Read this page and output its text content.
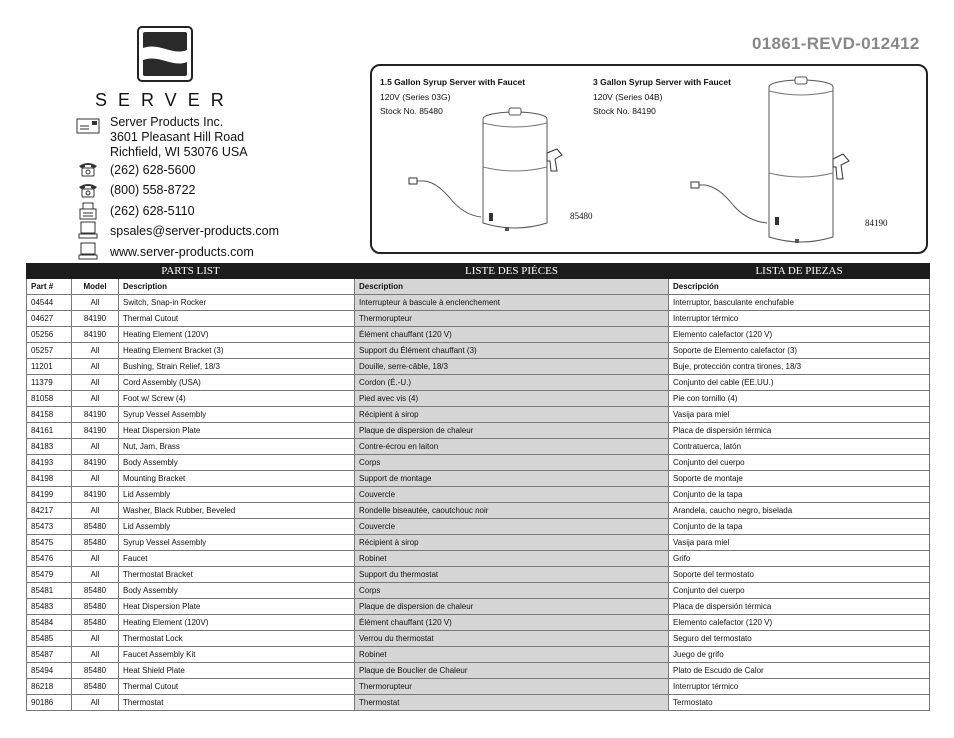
01861-REVD-012412
SERVER
Server Products Inc.
3601 Pleasant Hill Road
Richfield, WI 53076 USA
(262) 628-5600
(800) 558-8722
(262) 628-5110
spsales@server-products.com
www.server-products.com
1.5 Gallon Syrup Server with Faucet
120V (Series 03G)
Stock No. 85480
3 Gallon Syrup Server with Faucet
120V (Series 04B)
Stock No. 84190
85480
84190
PARTS LIST			LISTE DES PIÉCES	LISTA DE PIEZAS
Part #	Model	Description	Description	Descripción
04544	All	Switch, Snap-in Rocker	Interrupteur à bascule à enclenchement	Interruptor, basculante enchufable
04627	84190	Thermal Cutout	Thermorupteur	Interruptor térmico
05256	84190	Heating Element (120V)	Élément chauffant (120 V)	Elemento calefactor (120 V)
05257	All	Heating Element Bracket (3)	Support du Élément chauffant (3)	Soporte de Elemento calefactor (3)
11201	All	Bushing, Strain Relief, 18/3	Douille, serre-câble, 18/3	Buje, protección contra tirones, 18/3
11379	All	Cord Assembly (USA)	Cordon (É.-U.)	Conjunto del cable (EE.UU.)
81058	All	Foot w/ Screw (4)	Pied avec vis (4)	Pie con tornillo (4)
84158	84190	Syrup Vessel Assembly	Récipient à sirop	Vasija para miel
84161	84190	Heat Dispersion Plate	Plaque de dispersion de chaleur	Placa de dispersión térmica
84183	All	Nut, Jam, Brass	Contre-écrou en laiton	Contratuerca, latón
84193	84190	Body Assembly	Corps	Conjunto del cuerpo
84198	All	Mounting Bracket	Support de montage	Soporte de montaje
84199	84190	Lid Assembly	Couvercle	Conjunto de la tapa
84217	All	Washer, Black Rubber, Beveled	Rondelle biseautée, caoutchouc noir	Arandela, caucho negro, biselada
85473	85480	Lid Assembly	Couvercle	Conjunto de la tapa
85475	85480	Syrup Vessel Assembly	Récipient à sirop	Vasija para miel
85476	All	Faucet	Robinet	Grifo
85479	All	Thermostat Bracket	Support du thermostat	Soporte del termostato
85481	85480	Body Assembly	Corps	Conjunto del cuerpo
85483	85480	Heat Dispersion Plate	Plaque de dispersion de chaleur	Placa de dispersión térmica
85484	85480	Heating Element (120V)	Élément chauffant (120 V)	Elemento calefactor (120 V)
85485	All	Thermostat Lock	Verrou du thermostat	Seguro del termostato
85487	All	Faucet Assembly Kit	Robinet	Juego de grifo
85494	85480	Heat Shield Plate	Plaque de Bouclier de Chaleur	Plato de Escudo de Calor
86218	85480	Thermal Cutout	Thermorupteur	Interruptor térmico
90186	All	Thermostat	Thermostat	Termostato
